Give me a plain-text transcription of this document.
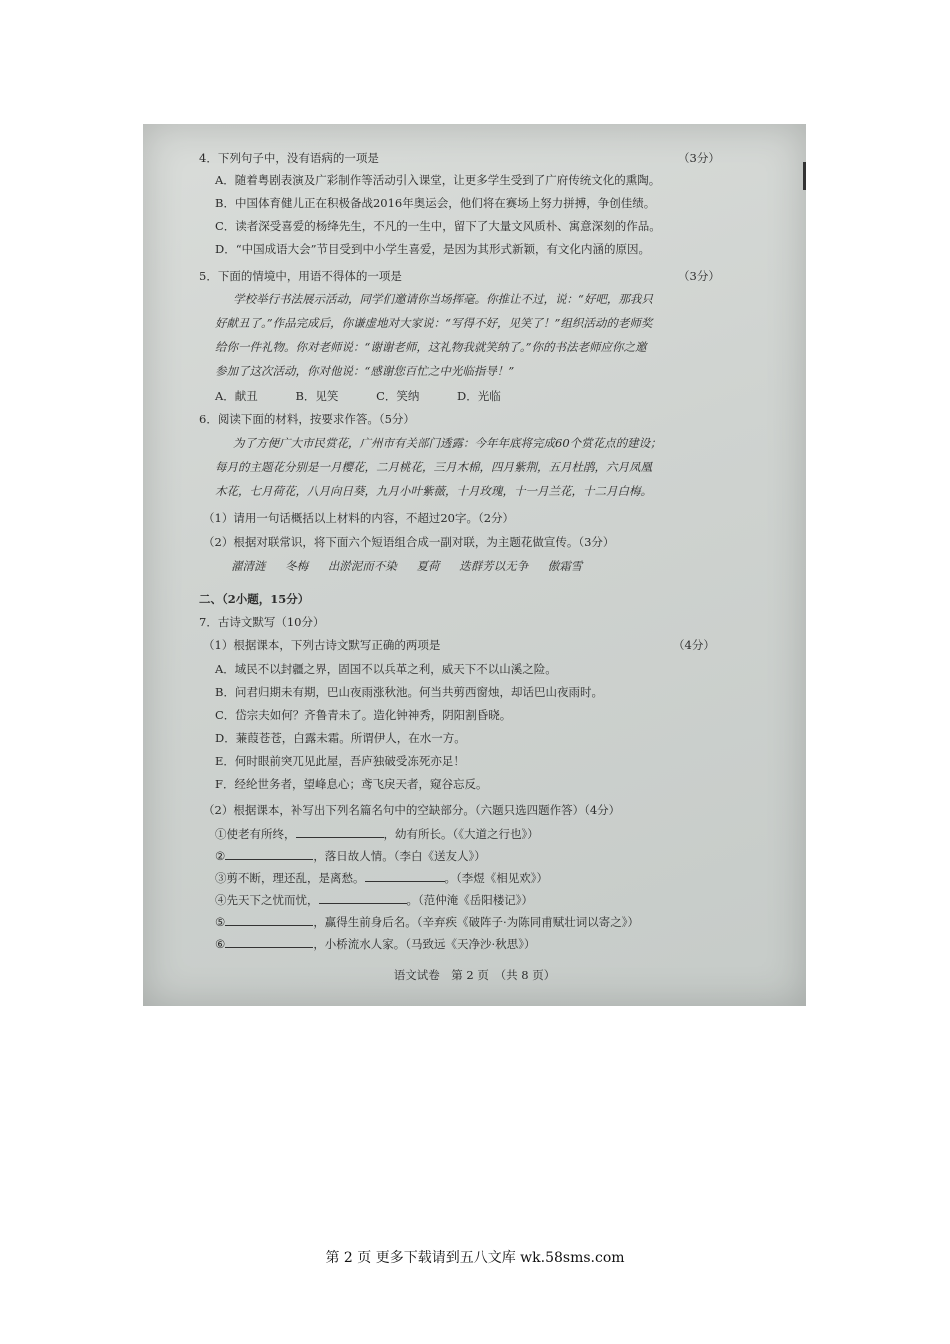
4．下列句子中，没有语病的一项是	（3分）
A．随着粤剧表演及广彩制作等活动引入课堂，让更多学生受到了广府传统文化的熏陶。
B．中国体育健儿正在积极备战2016年奥运会，他们将在赛场上努力拼搏，争创佳绩。
C．读者深受喜爱的杨绛先生，不凡的一生中，留下了大量文风质朴、寓意深刻的作品。
D．“中国成语大会”节目受到中小学生喜爱，是因为其形式新颖，有文化内涵的原因。
5．下面的情境中，用语不得体的一项是	（3分）
学校举行书法展示活动，同学们邀请你当场挥毫。你推让不过，说：“好吧，那我只
好献丑了。”作品完成后，你谦虚地对大家说：“写得不好，见笑了！”组织活动的老师奖
给你一件礼物。你对老师说：“谢谢老师，这礼物我就笑纳了。”你的书法老师应你之邀
参加了这次活动，你对他说：“感谢您百忙之中光临指导！”
A．献丑	B．见笑	C．笑纳	D．光临
6．阅读下面的材料，按要求作答。（5分）
为了方便广大市民赏花，广州市有关部门透露：今年年底将完成60个赏花点的建设；
每月的主题花分别是一月樱花，二月桃花，三月木棉，四月紫荆，五月杜鹃，六月凤凰
木花，七月荷花，八月向日葵，九月小叶紫薇，十月玫瑰，十一月兰花，十二月白梅。
（1）请用一句话概括以上材料的内容，不超过20字。（2分）
（2）根据对联常识，将下面六个短语组合成一副对联，为主题花做宣传。（3分）
濯清涟 冬梅 出淤泥而不染 夏荷 迭群芳以无争 傲霜雪
二、（2小题，15分）
7．古诗文默写（10分）
（1）根据课本，下列古诗文默写正确的两项是	（4分）
A．域民不以封疆之界，固国不以兵革之利，威天下不以山溪之险。
B．问君归期未有期，巴山夜雨涨秋池。何当共剪西窗烛，却话巴山夜雨时。
C．岱宗夫如何？齐鲁青未了。造化钟神秀，阴阳割昏晓。
D．蒹葭苍苍，白露未霜。所谓伊人，在水一方。
E．何时眼前突兀见此屋，吾庐独破受冻死亦足！
F．经纶世务者，望峰息心；鸢飞戾天者，窥谷忘反。
（2）根据课本，补写出下列名篇名句中的空缺部分。（六题只选四题作答）（4分）
①使老有所终，	，幼有所长。（《大道之行也》）
②	，落日故人情。（李白《送友人》）
③剪不断，理还乱，是离愁。	。（李煜《相见欢》）
④先天下之忧而忧，	。（范仲淹《岳阳楼记》）
⑤	，赢得生前身后名。（辛弃疾《破阵子·为陈同甫赋壮词以寄之》）
⑥	，小桥流水人家。（马致远《天净沙·秋思》）
语文试卷　第 2 页　（共 8 页）
第 2 页 更多下载请到五八文库 wk.58sms.com
